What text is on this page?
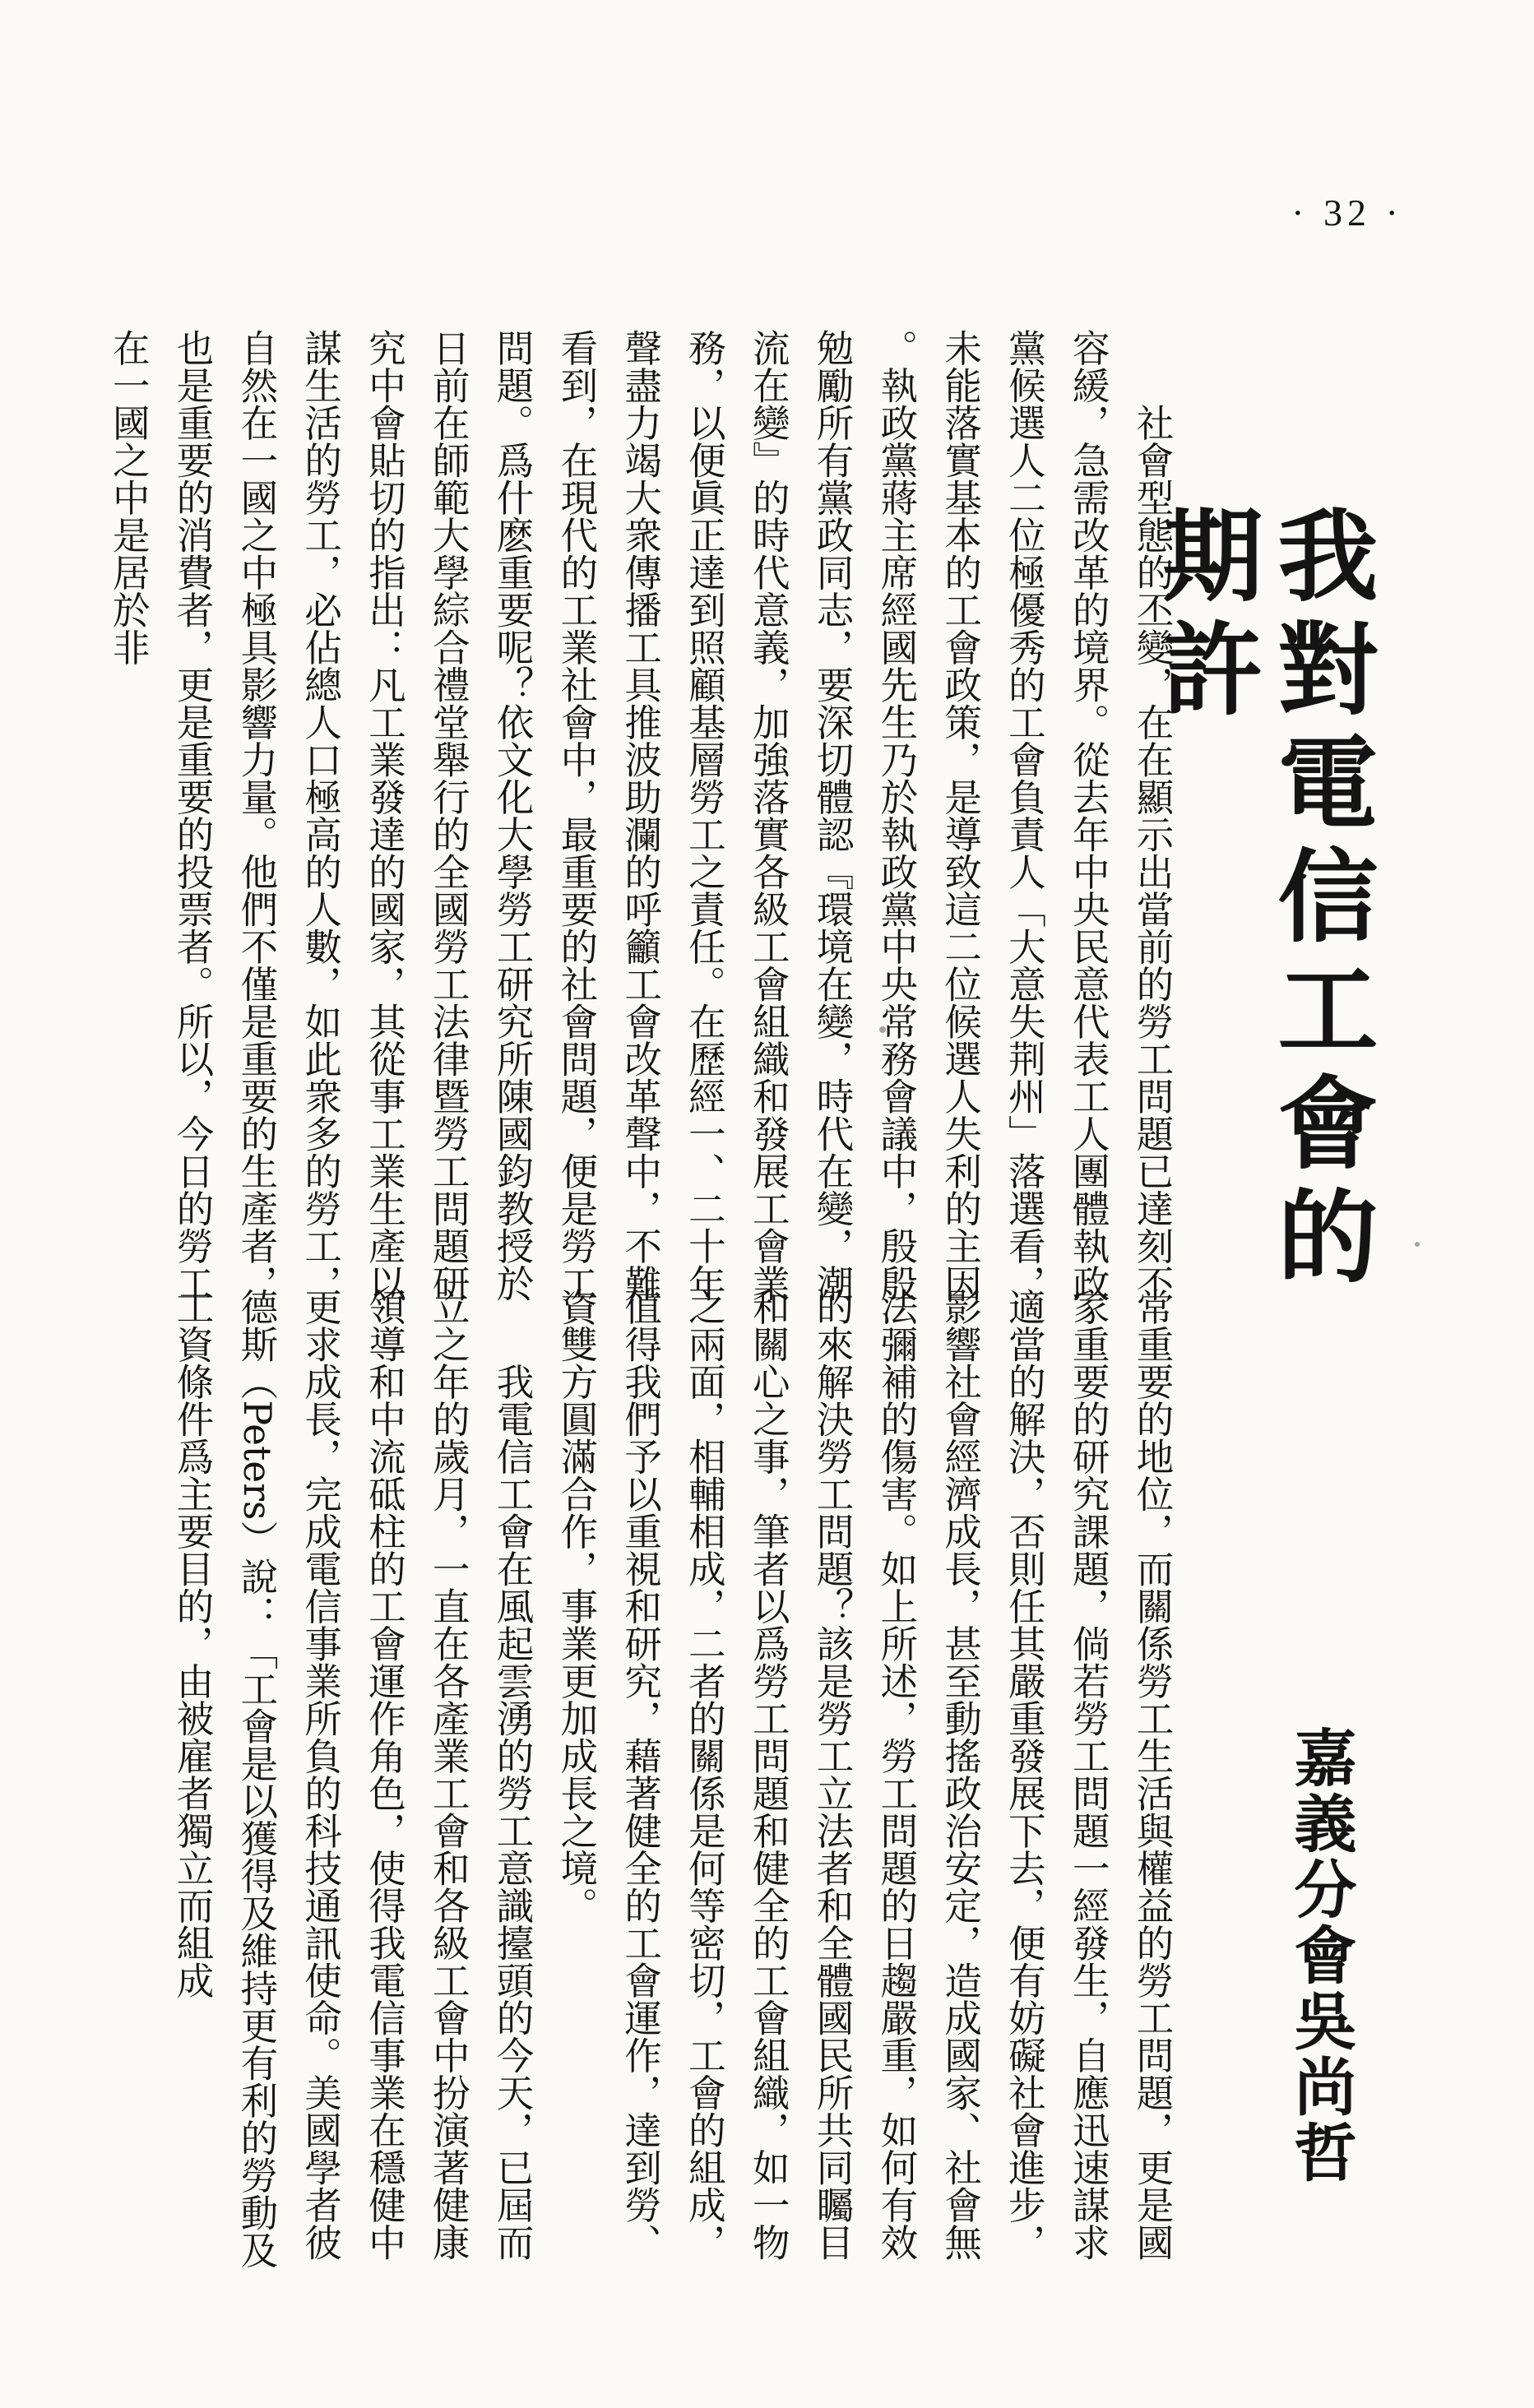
· 32 ·
我對電信工會的期許
嘉義分會吳尚哲

社會型態的丕變，在在顯示出當前的勞工問題已達刻不容緩，急需改革的境界。從去年中央民意代表工人團體執政黨候選人二位極優秀的工會負責人「大意失荆州」落選看，未能落實基本的工會政策，是導致這二位候選人失利的主因。執政黨蔣主席經國先生乃於執政黨中央常務會議中，殷殷勉勵所有黨政同志，要深切體認『環境在變，時代在變，潮流在變』的時代意義，加強落實各級工會組織和發展工會業務，以便眞正達到照顧基層勞工之責任。在歷經一、二十年聲盡力竭大衆傳播工具推波助瀾的呼籲工會改革聲中，不難看到，在現代的工業社會中，最重要的社會問題，便是勞工問題。爲什麽重要呢？依文化大學勞工研究所陳國鈞教授於日前在師範大學綜合禮堂舉行的全國勞工法律暨勞工問題研究中會貼切的指出：凡工業發達的國家，其從事工業生產以謀生活的勞工，必佔總人口極高的人數，如此衆多的勞工，自然在一國之中極具影響力量。他們不僅是重要的生產者，也是重要的消費者，更是重要的投票者。所以，今日的勞工在一國之中是居於非

常重要的地位，而關係勞工生活與權益的勞工問題，更是國家重要的研究課題，倘若勞工問題一經發生，自應迅速謀求適當的解決，否則任其嚴重發展下去，便有妨礙社會進步，影響社會經濟成長，甚至動搖政治安定，造成國家、社會無法彌補的傷害。如上所述，勞工問題的日趨嚴重，如何有效的來解決勞工問題？該是勞工立法者和全體國民所共同矚目和關心之事，筆者以爲勞工問題和健全的工會組織，如一物之兩面，相輔相成，二者的關係是何等密切，工會的組成，值得我們予以重視和研究，藉著健全的工會運作，達到勞、資雙方圓滿合作，事業更加成長之境。

我電信工會在風起雲湧的勞工意識擡頭的今天，已屆而立之年的歲月，一直在各產業工會和各級工會中扮演著健康領導和中流砥柱的工會運作角色，使得我電信事業在穩健中更求成長，完成電信事業所負的科技通訊使命。美國學者彼德斯（Peters）說：「工會是以獲得及維持更有利的勞動及工資條件爲主要目的，由被雇者獨立而組成
